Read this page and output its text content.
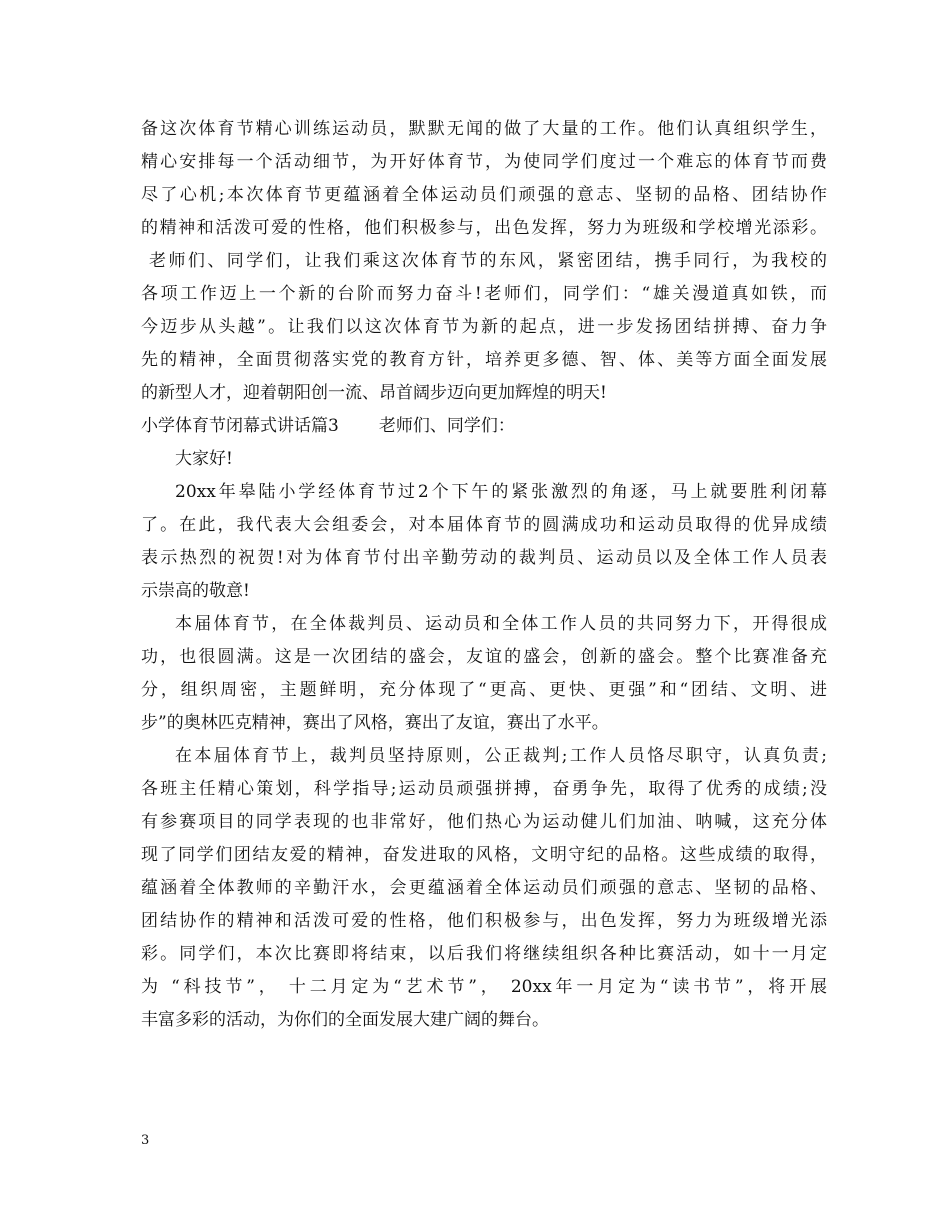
备这次体育节精心训练运动员，默默无闻的做了大量的工作。他们认真组织学生，
精心安排每一个活动细节，为开好体育节，为使同学们度过一个难忘的体育节而费
尽了心机;本次体育节更蕴涵着全体运动员们顽强的意志、坚韧的品格、团结协作
的精神和活泼可爱的性格，他们积极参与，出色发挥，努力为班级和学校增光添彩。
老师们、同学们，让我们乘这次体育节的东风，紧密团结，携手同行，为我校的
各项工作迈上一个新的台阶而努力奋斗!老师们，同学们：“雄关漫道真如铁，而
今迈步从头越”。让我们以这次体育节为新的起点，进一步发扬团结拼搏、奋力争
先的精神，全面贯彻落实党的教育方针，培养更多德、智、体、美等方面全面发展
的新型人才，迎着朝阳创一流、昂首阔步迈向更加辉煌的明天!
小学体育节闭幕式讲话篇3 老师们、同学们：
大家好!
20xx年皋陆小学经体育节过2个下午的紧张激烈的角逐，马上就要胜利闭幕
了。在此，我代表大会组委会，对本届体育节的圆满成功和运动员取得的优异成绩
表示热烈的祝贺!对为体育节付出辛勤劳动的裁判员、运动员以及全体工作人员表
示崇高的敬意!
本届体育节，在全体裁判员、运动员和全体工作人员的共同努力下，开得很成
功，也很圆满。这是一次团结的盛会，友谊的盛会，创新的盛会。整个比赛准备充
分，组织周密，主题鲜明，充分体现了“更高、更快、更强”和“团结、文明、进
步”的奥林匹克精神，赛出了风格，赛出了友谊，赛出了水平。
在本届体育节上，裁判员坚持原则，公正裁判;工作人员恪尽职守，认真负责;
各班主任精心策划，科学指导;运动员顽强拼搏，奋勇争先，取得了优秀的成绩;没
有参赛项目的同学表现的也非常好，他们热心为运动健儿们加油、呐喊，这充分体
现了同学们团结友爱的精神，奋发进取的风格，文明守纪的品格。这些成绩的取得，
蕴涵着全体教师的辛勤汗水，会更蕴涵着全体运动员们顽强的意志、坚韧的品格、
团结协作的精神和活泼可爱的性格，他们积极参与，出色发挥，努力为班级增光添
彩。同学们，本次比赛即将结束，以后我们将继续组织各种比赛活动，如十一月定
为 “科技节”， 十二月定为“艺术节”， 20xx年一月定为“读书节”，将开展
丰富多彩的活动，为你们的全面发展大建广阔的舞台。
3
